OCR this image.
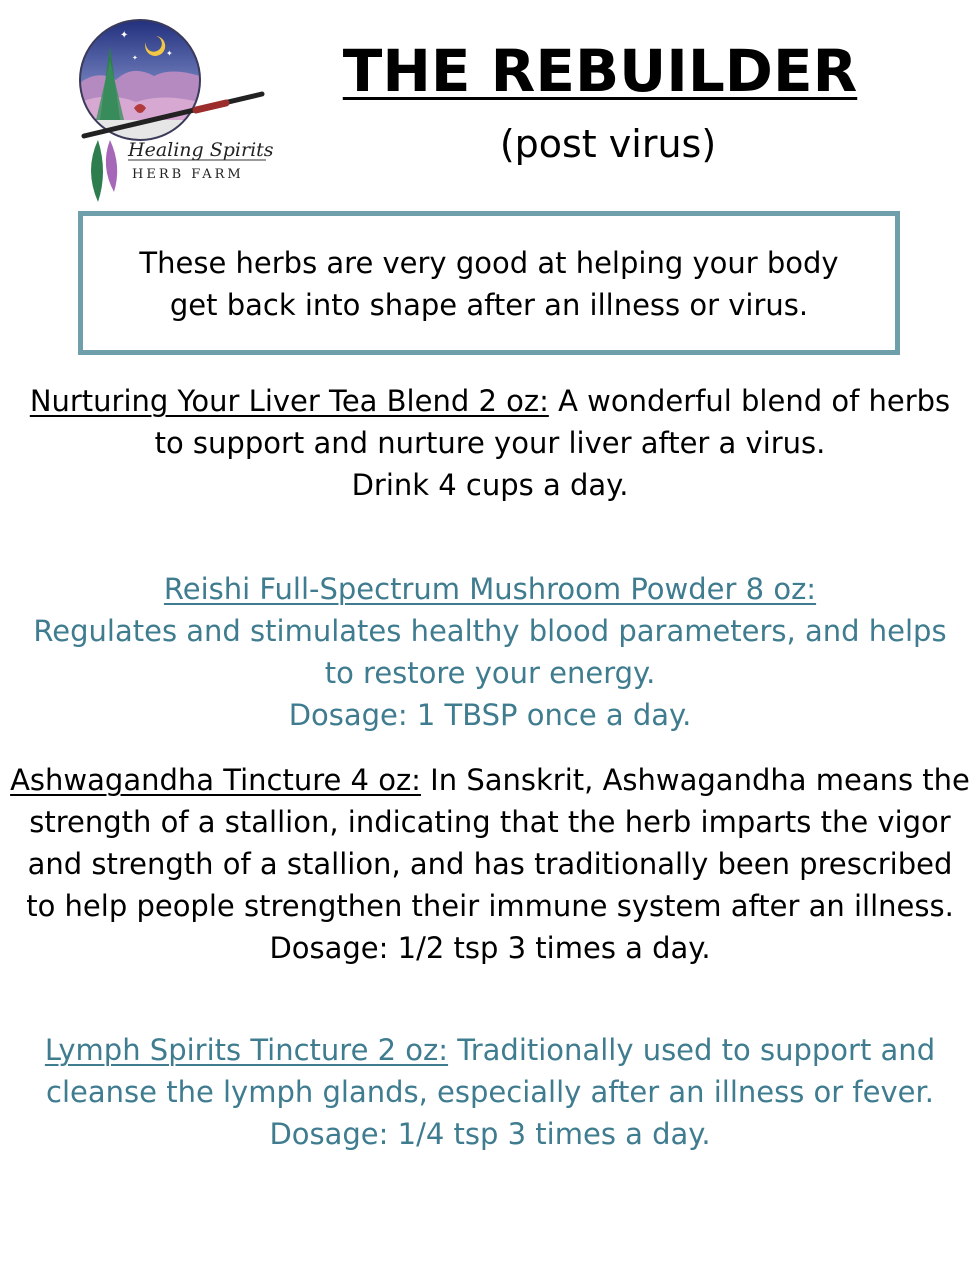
✦
✦
✦
Healing Spirits
HERB FARM
THE REBUILDER
(post virus)

These herbs are very good at helping your body
get back into shape after an illness or virus.

Nurturing Your Liver Tea Blend 2 oz: A wonderful blend of herbs to support and nurture your liver after a virus.
Drink 4 cups a day.

Reishi Full-Spectrum Mushroom Powder 8 oz:
Regulates and stimulates healthy blood parameters, and helps to restore your energy.
Dosage: 1 TBSP once a day.

Ashwagandha Tincture 4 oz: In Sanskrit, Ashwagandha means the strength of a stallion, indicating that the herb imparts the vigor and strength of a stallion, and has traditionally been prescribed to help people strengthen their immune system after an illness.
Dosage: 1/2 tsp 3 times a day.

Lymph Spirits Tincture 2 oz: Traditionally used to support and cleanse the lymph glands, especially after an illness or fever.
Dosage: 1/4 tsp 3 times a day.
